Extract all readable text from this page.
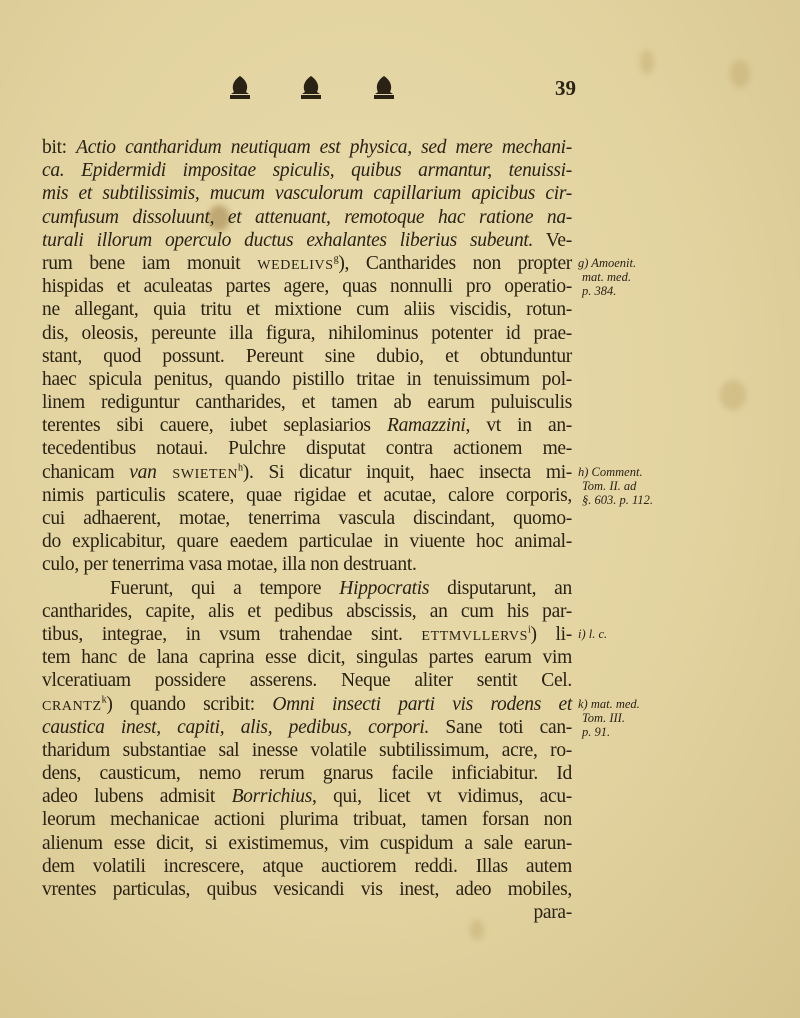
39
bit: Actio cantharidum neutiquam est physica, sed mere mechani-
ca. Epidermidi impositae spiculis, quibus armantur, tenuissi-
mis et subtilissimis, mucum vasculorum capillarium apicibus cir-
cumfusum dissoluunt, et attenuant, remotoque hac ratione na-
turali illorum operculo ductus exhalantes liberius subeunt. Ve-
rum bene iam monuit wedelivs$^g$), Cantharides non propter
hispidas et aculeatas partes agere, quas nonnulli pro operatio-
ne allegant, quia tritu et mixtione cum aliis viscidis, rotun-
dis, oleosis, pereunte illa figura, nihilominus potenter id prae-
stant, quod possunt. Pereunt sine dubio, et obtunduntur
haec spicula penitus, quando pistillo tritae in tenuissimum pol-
linem rediguntur cantharides, et tamen ab earum puluisculis
terentes sibi cauere, iubet seplasiarios Ramazzini, vt in an-
tecedentibus notaui. Pulchre disputat contra actionem me-
chanicam van swieten$^h$). Si dicatur inquit, haec insecta mi-
nimis particulis scatere, quae rigidae et acutae, calore corporis,
cui adhaerent, motae, tenerrima vascula discindant, quomo-
do explicabitur, quare eaedem particulae in viuente hoc animal-
culo, per tenerrima vasa motae, illa non destruant.
Fuerunt, qui a tempore Hippocratis disputarunt, an
cantharides, capite, alis et pedibus abscissis, an cum his par-
tibus, integrae, in vsum trahendae sint. ettmvllervs$^i$) li-
tem hanc de lana caprina esse dicit, singulas partes earum vim
vlceratiuam possidere asserens. Neque aliter sentit Cel.
crantz$^k$) quando scribit: Omni insecti parti vis rodens et
caustica inest, capiti, alis, pedibus, corpori. Sane toti can-
tharidum substantiae sal inesse volatile subtilissimum, acre, ro-
dens, causticum, nemo rerum gnarus facile inficiabitur. Id
adeo lubens admisit Borrichius, qui, licet vt vidimus, acu-
leorum mechanicae actioni plurima tribuat, tamen forsan non
alienum esse dicit, si existimemus, vim cuspidum a sale earun-
dem volatili increscere, atque auctiorem reddi. Illas autem
vrentes particulas, quibus vesicandi vis inest, adeo mobiles,
para-
g) Amoenit.
mat. med.
p. 384.
h) Comment.
Tom. II. ad
§. 603. p. 112.
i) l. c.
k) mat. med.
Tom. III.
p. 91.
